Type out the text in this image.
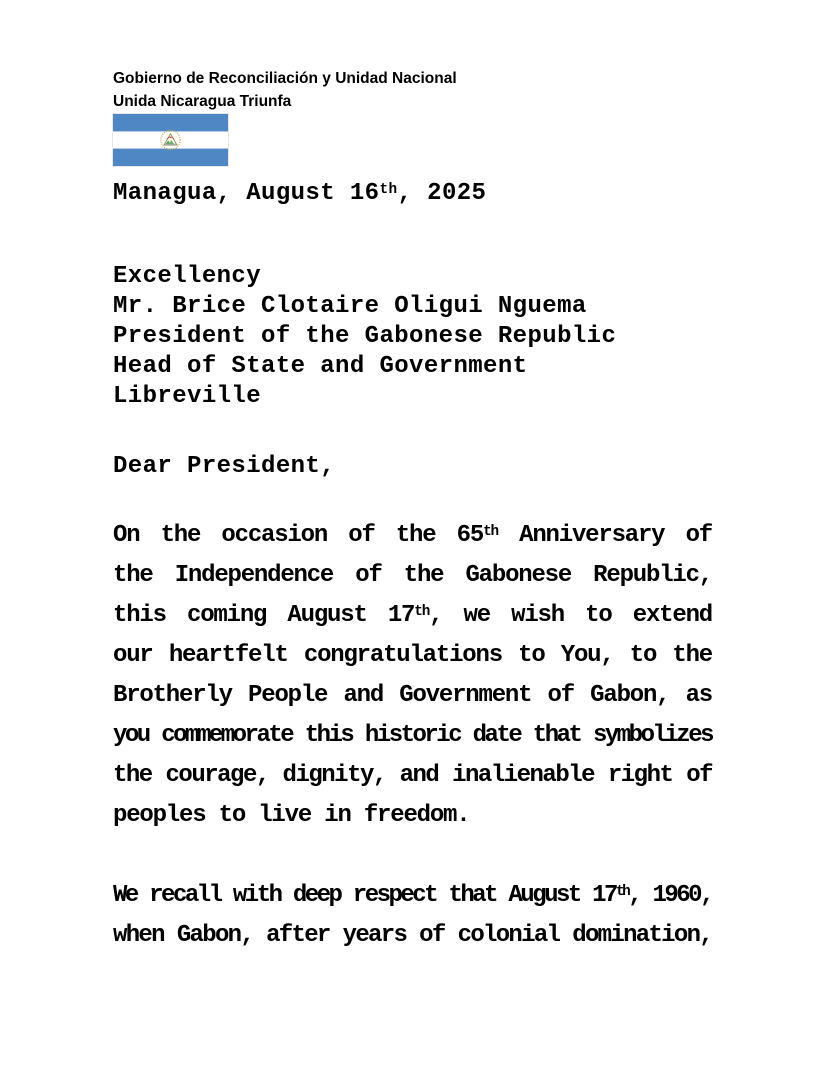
Gobierno de Reconciliación y Unidad Nacional
Unida Nicaragua Triunfa
Managua, August 16th, 2025
Excellency
Mr. Brice Clotaire Oligui Nguema
President of the Gabonese Republic
Head of State and Government
Libreville
Dear President,
On the occasion of the 65th Anniversary of
the Independence of the Gabonese Republic,
this coming August 17th, we wish to extend
our heartfelt congratulations to You, to the
Brotherly People and Government of Gabon, as
you commemorate this historic date that symbolizes
the courage, dignity, and inalienable right of
peoples to live in freedom.
We recall with deep respect that August 17th, 1960,
when Gabon, after years of colonial domination,
